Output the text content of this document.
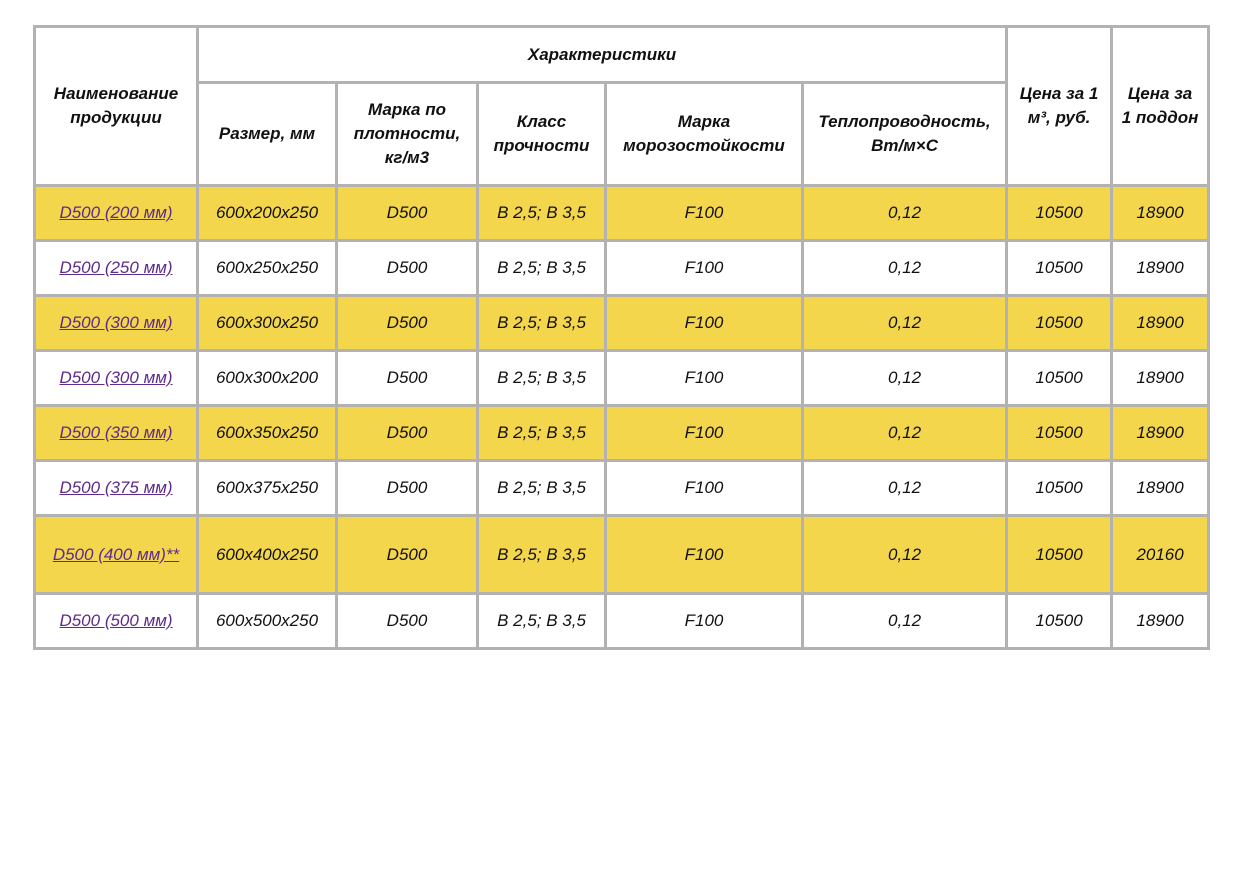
Наименование продукции	Характеристики					Цена за 1 м³, руб.	Цена за 1 поддон
	Размер, мм	Марка по плотности, кг/м3	Класс прочности	Марка морозостойкости	Теплопроводность, Вт/м×С		
D500 (200 мм)	600х200х250	D500	B 2,5; B 3,5	F100	0,12	10500	18900
D500 (250 мм)	600х250х250	D500	B 2,5; B 3,5	F100	0,12	10500	18900
D500 (300 мм)	600х300х250	D500	B 2,5; B 3,5	F100	0,12	10500	18900
D500 (300 мм)	600х300х200	D500	B 2,5; B 3,5	F100	0,12	10500	18900
D500 (350 мм)	600х350х250	D500	B 2,5; B 3,5	F100	0,12	10500	18900
D500 (375 мм)	600х375х250	D500	B 2,5; B 3,5	F100	0,12	10500	18900
D500 (400 мм)**	600х400х250	D500	B 2,5; B 3,5	F100	0,12	10500	20160
D500 (500 мм)	600х500х250	D500	B 2,5; B 3,5	F100	0,12	10500	18900
